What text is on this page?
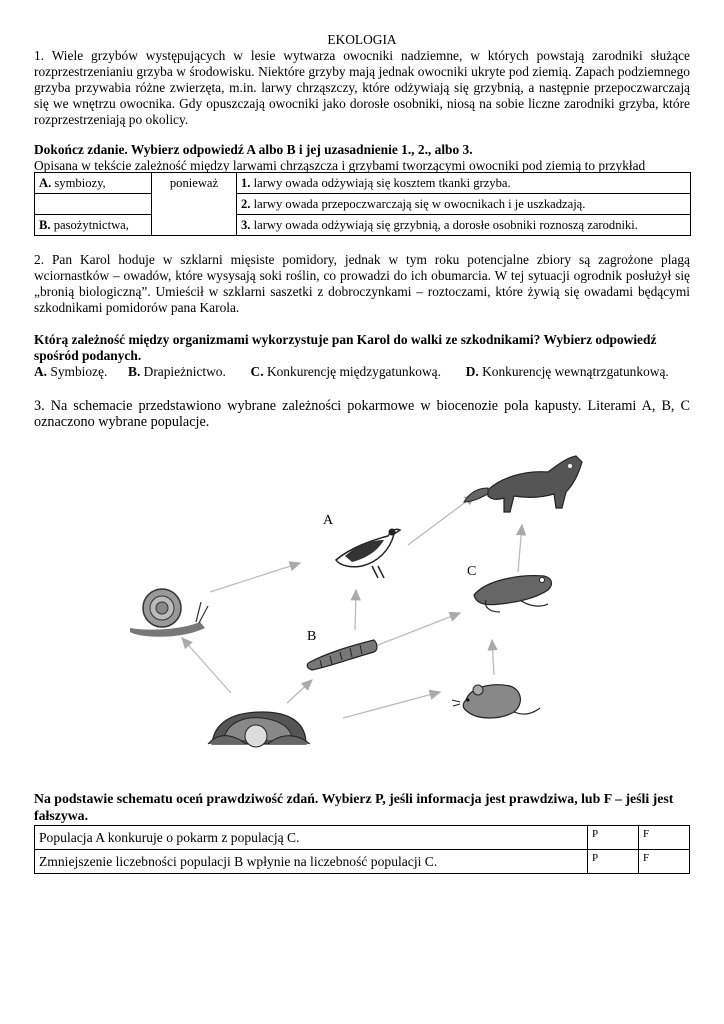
EKOLOGIA

1. Wiele grzybów występujących w lesie wytwarza owocniki nadziemne, w których powstają zarodniki służące rozprzestrzenianiu grzyba w środowisku. Niektóre grzyby mają jednak owocniki ukryte pod ziemią. Zapach podziemnego grzyba przywabia różne zwierzęta, m.in. larwy chrząszczy, które odżywiają się grzybnią, a następnie przepoczwarczają się we wnętrzu owocnika. Gdy opuszczają owocniki jako dorosłe osobniki, niosą na sobie liczne zarodniki grzyba, które rozprzestrzeniają po okolicy.

Dokończ zdanie. Wybierz odpowiedź A albo B i jej uzasadnienie 1., 2., albo 3.

Opisana w tekście zależność między larwami chrząszcza i grzybami tworzącymi owocniki pod ziemią to przykład

A. symbiozy,	ponieważ	1. larwy owada odżywiają się kosztem tkanki grzyba.
		2. larwy owada przepoczwarczają się w owocnikach i je uszkadzają.
B. pasożytnictwa,		3. larwy owada odżywiają się grzybnią, a dorosłe osobniki roznoszą zarodniki.

2. Pan Karol hoduje w szklarni mięsiste pomidory, jednak w tym roku potencjalne zbiory są zagrożone plagą wciornastków – owadów, które wysysają soki roślin, co prowadzi do ich obumarcia. W tej sytuacji ogrodnik posłużył się „bronią biologiczną”. Umieścił w szklarni saszetki z dobroczynkami – roztoczami, które żywią się owadami będącymi szkodnikami pomidorów pana Karola.

Którą zależność między organizmami wykorzystuje pan Karol do walki ze szkodnikami? Wybierz odpowiedź spośród podanych.

A. Symbiozę. B. Drapieżnictwo. C. Konkurencję międzygatunkową. D. Konkurencję wewnątrzgatunkową.

3. Na schemacie przedstawiono wybrane zależności pokarmowe w biocenozie pola kapusty. Literami A, B, C oznaczono wybrane populacje.

A
C
B

Na podstawie schematu oceń prawdziwość zdań. Wybierz P, jeśli informacja jest prawdziwa, lub F – jeśli jest fałszywa.

Populacja A konkuruje o pokarm z populacją C.	P	F
Zmniejszenie liczebności populacji B wpłynie na liczebność populacji C.	P	F
